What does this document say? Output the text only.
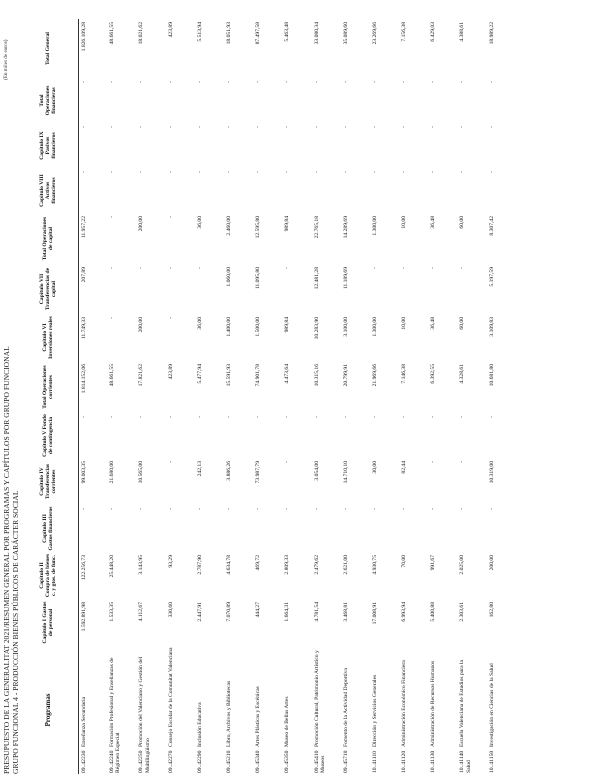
PRESUPUESTO DE LA GENERALITAT 2021/RESUMEN GENERAL POR PROGRAMAS Y CAPÍTULOS POR GRUPO FUNCIONAL GRUPO FUNCIONAL 4 - PRODUCCIÓN BIENES PÚBLICOS DE CARÁCTER SOCIAL
(En miles de euros)
Programas	Capítulo I Gastos de personal	Capítulo II Compra de bienes c. y gtos. de func.	Capítulo III Gastos financieros	Capítulo IV Transferencias corrientes	Capítulo V Fondo de contingencia	Total Operaciones corrientes	Capítulo VI Inversiones reales	Capítulo VII Transferencias de capital	Total Operaciones de capital	Capítulo VIII Activos financieros	Capítulo IX Pasivos financieros	Total Operaciones financieras	Total General
09..42230Enseñanza Secundaria	1.592.891,98	122.256,73	-	99.003,35	-	1.814.152,06	11.749,33	207,89	11.957,22	-	-	-	1.826.109,28
09..42240Formación Profesional y Enseñanzas de Régimen Especial	1.533,35	25.448,20	-	21.680,00	-	48.661,55	-	-	-	-	-	-	48.661,55
09..42250Promoción del Valenciano y Gestión del Multilingüismo	4.112,67	3.143,95	-	10.565,00	-	17.821,62	200,00	-	200,00	-	-	-	18.021,62
09..42270Consejo Escolar de la Comunitat Valenciana	330,60	93,29	-	-	-	423,89	-	-	-	-	-	-	423,89
09..42290Inclusión Educativa	2.447,91	2.787,90	-	242,13	-	5.477,94	36,00	-	36,00	-	-	-	5.513,94
09..45210Libro, Archivos y Bibliotecas	7.070,89	4.634,78	-	3.886,26	-	15.591,93	1.400,00	1.060,00	2.460,00	-	-	-	18.051,93
09..45340Artes Plásticas y Escénicas	444,27	469,72	-	73.987,79	-	74.901,78	1.500,00	11.095,80	12.595,80	-	-	-	87.497,58
09..45350Museo de Bellas Artes	1.664,31	2.809,33	-	-	-	4.473,64	989,84	-	989,84	-	-	-	5.463,48
09..45410Promoción Cultural, Patrimonio Artístico y Museos	4.781,54	2.479,62	-	3.054,00	-	10.315,16	10.283,90	12.481,28	22.765,18	-	-	-	33.080,34
09..45710Fomento de la Actividad Deportiva	3.468,81	2.621,00	-	14.710,10	-	20.799,91	3.100,00	11.189,69	14.289,69	-	-	-	35.089,60
10..41110Dirección y Servicios Generales	17.008,91	4.930,75	-	30,00	-	21.969,66	1.300,00	-	1.300,00	-	-	-	23.269,66
10..41120Administración Económico Financiera	6.993,94	70,00	-	82,44	-	7.146,38	10,00	-	10,00	-	-	-	7.156,38
10..41130Administración de Recursos Humanos	5.400,88	991,67	-	-	-	6.392,55	36,48	-	36,48	-	-	-	6.429,03
10..41140Escuela Valenciana de Estudios para la Salud	2.303,61	2.025,00	-	-	-	4.328,61	60,00	-	60,00	-	-	-	4.388,61
10..41150Investigación en Ciencias de la Salud	162,80	200,00	-	10.319,00	-	10.681,80	3.109,83	5.197,59	8.307,42	-	-	-	18.989,22
